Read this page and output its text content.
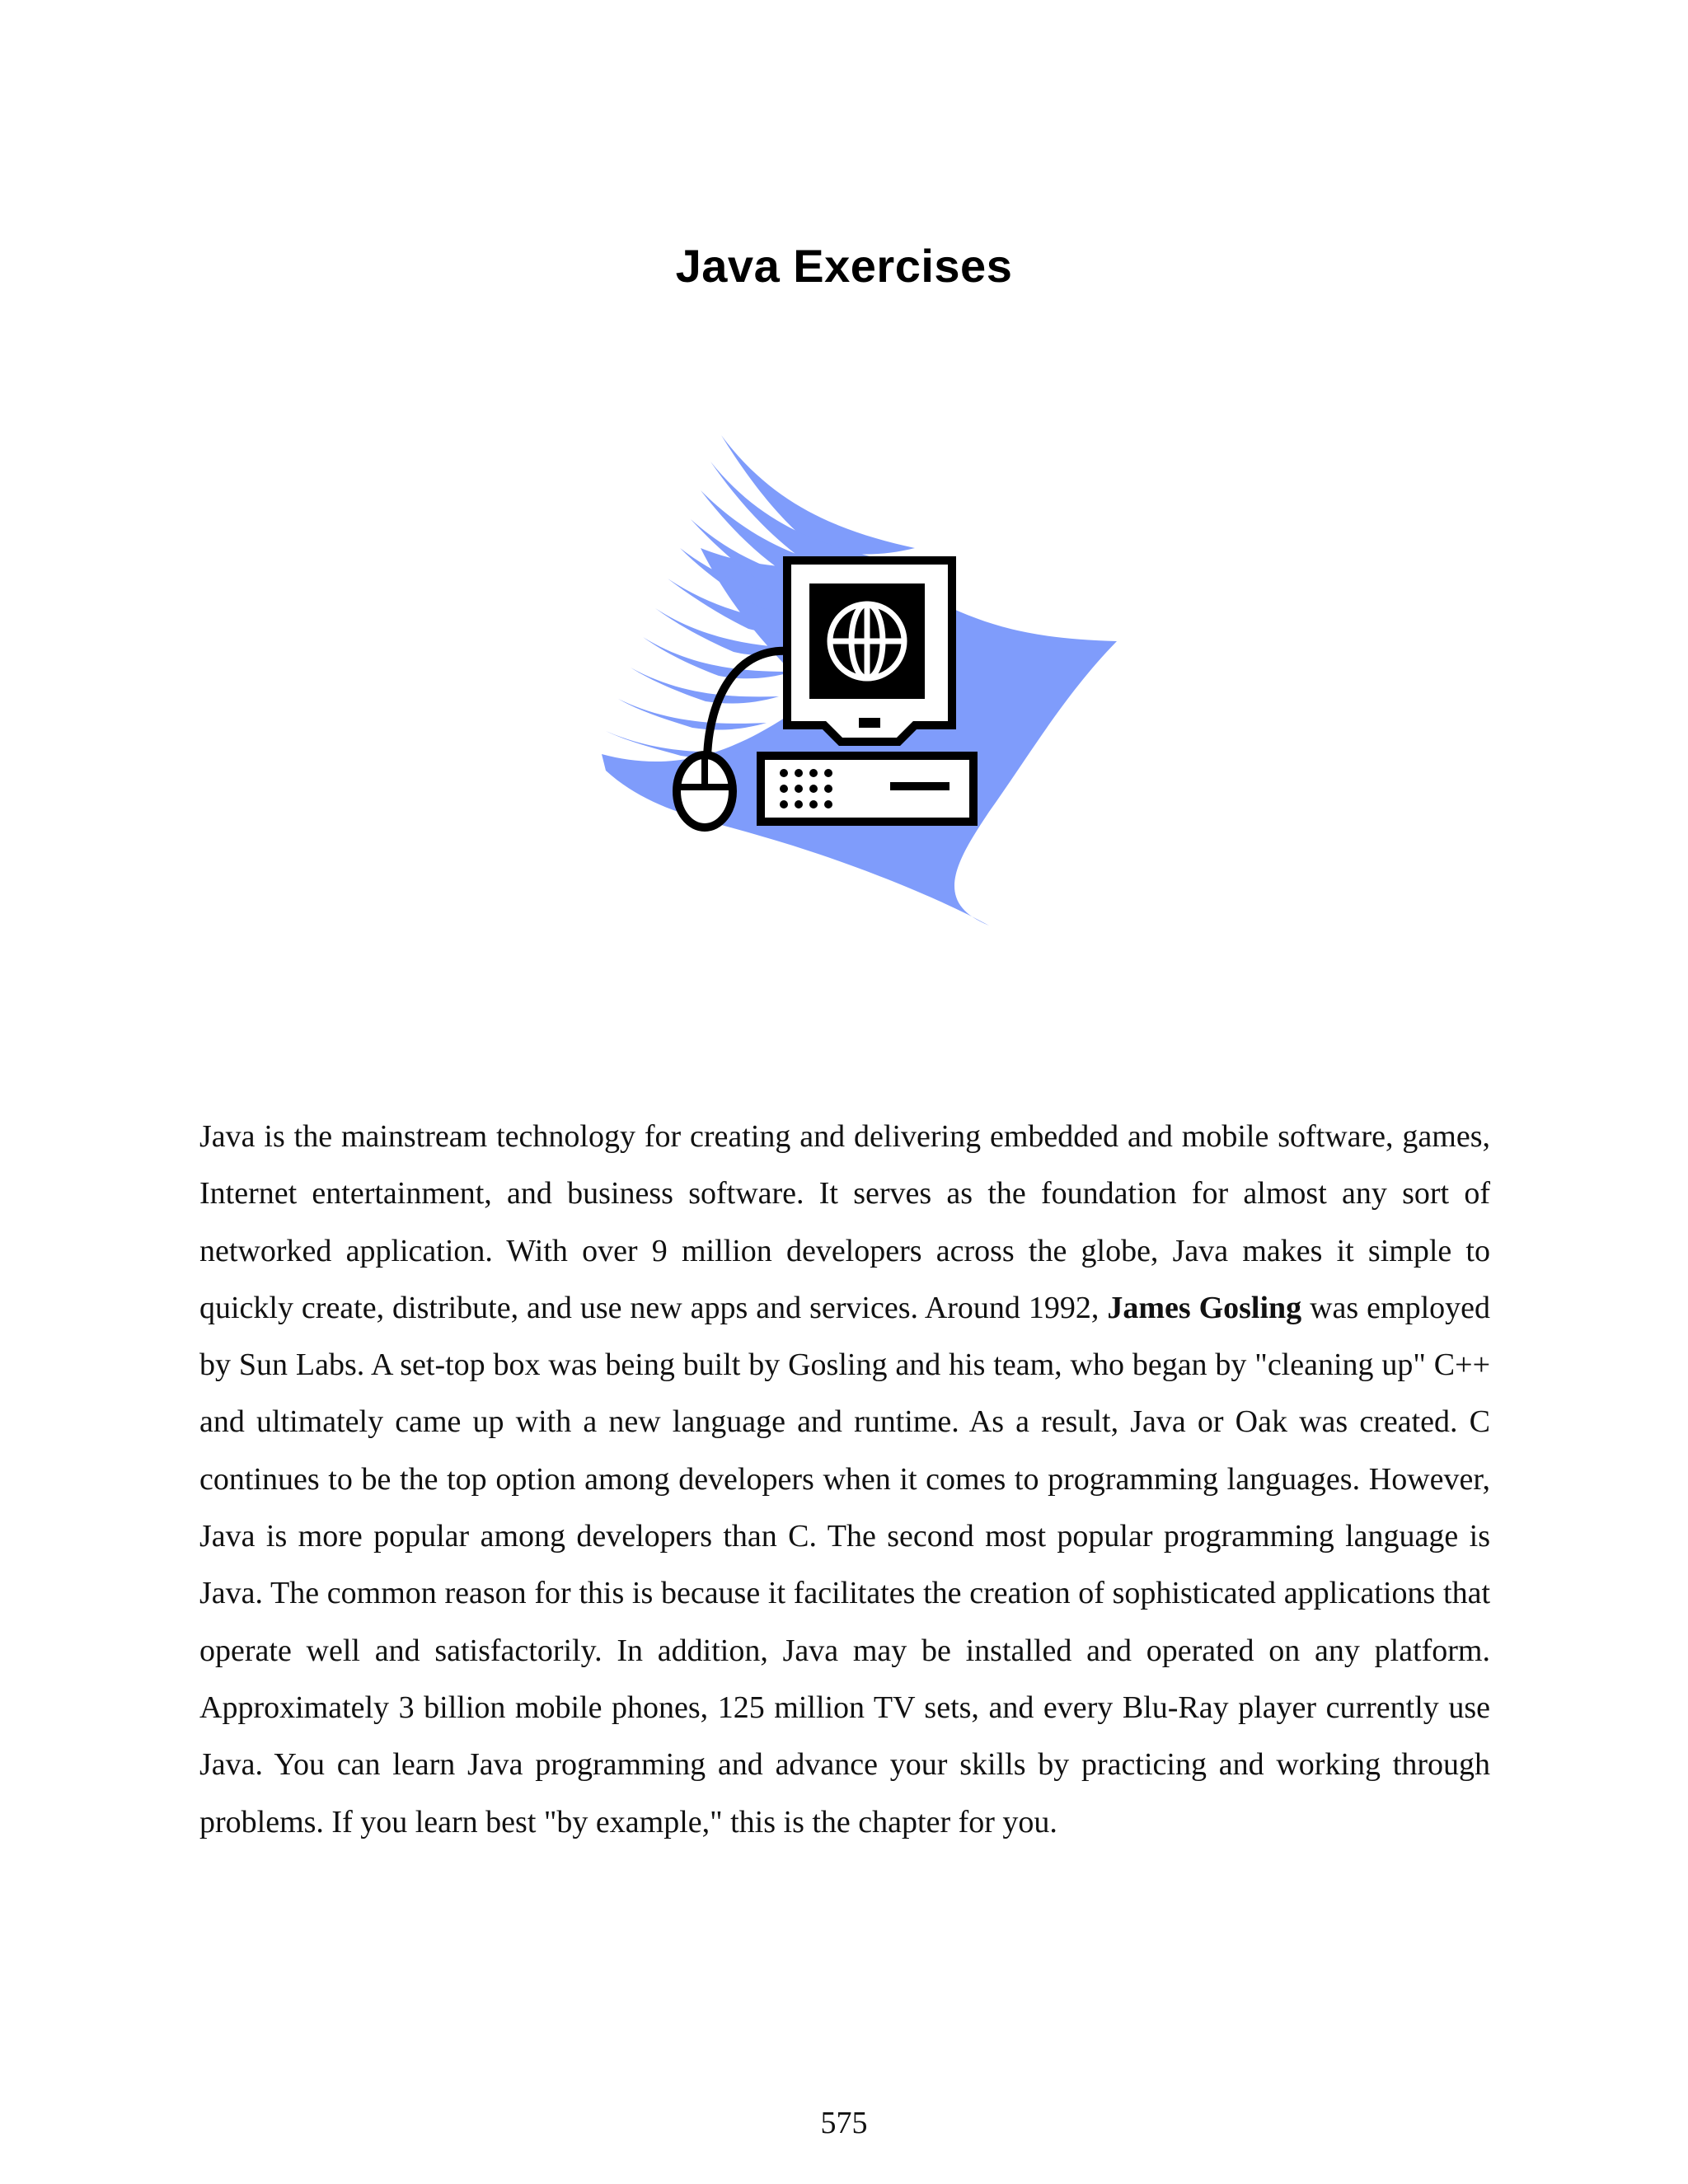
Java Exercises

Java is the mainstream technology for creating and delivering embedded and mobile software, games, Internet entertainment, and business software. It serves as the foundation for almost any sort of networked application. With over 9 million developers across the globe, Java makes it simple to quickly create, distribute, and use new apps and services. Around 1992, James Gosling was employed by Sun Labs. A set-top box was being built by Gosling and his team, who began by "cleaning up" C++ and ultimately came up with a new language and runtime. As a result, Java or Oak was created. C continues to be the top option among developers when it comes to programming languages. However, Java is more popular among developers than C. The second most popular programming language is Java. The common reason for this is because it facilitates the creation of sophisticated applications that operate well and satisfactorily. In addition, Java may be installed and operated on any platform. Approximately 3 billion mobile phones, 125 million TV sets, and every Blu-Ray player currently use Java. You can learn Java programming and advance your skills by practicing and working through problems. If you learn best "by example," this is the chapter for you.

575
